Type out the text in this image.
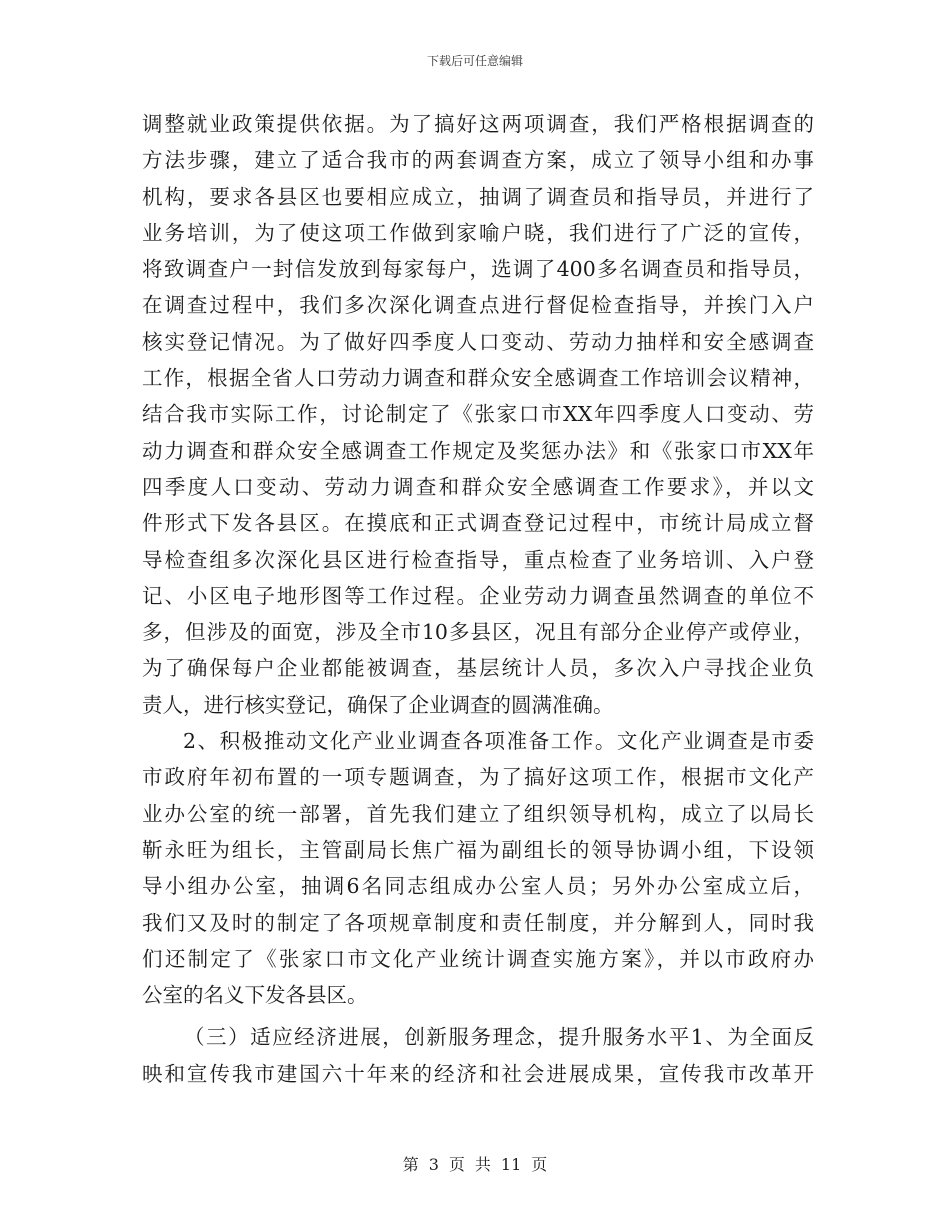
下载后可任意编辑
调整就业政策提供依据。为了搞好这两项调查，我们严格根据调查的
方法步骤，建立了适合我市的两套调查方案，成立了领导小组和办事
机构，要求各县区也要相应成立，抽调了调查员和指导员，并进行了
业务培训，为了使这项工作做到家喻户晓，我们进行了广泛的宣传，
将致调查户一封信发放到每家每户，选调了400多名调查员和指导员，
在调查过程中，我们多次深化调查点进行督促检查指导，并挨门入户
核实登记情况。为了做好四季度人口变动、劳动力抽样和安全感调查
工作，根据全省人口劳动力调查和群众安全感调查工作培训会议精神，
结合我市实际工作，讨论制定了《张家口市XX年四季度人口变动、劳
动力调查和群众安全感调查工作规定及奖惩办法》和《张家口市XX年
四季度人口变动、劳动力调查和群众安全感调查工作要求》，并以文
件形式下发各县区。在摸底和正式调查登记过程中，市统计局成立督
导检查组多次深化县区进行检查指导，重点检查了业务培训、入户登
记、小区电子地形图等工作过程。企业劳动力调查虽然调查的单位不
多，但涉及的面宽，涉及全市10多县区，况且有部分企业停产或停业，
为了确保每户企业都能被调查，基层统计人员，多次入户寻找企业负
责人，进行核实登记，确保了企业调查的圆满准确。
2、积极推动文化产业业调查各项准备工作。文化产业调查是市委
市政府年初布置的一项专题调查，为了搞好这项工作，根据市文化产
业办公室的统一部署，首先我们建立了组织领导机构，成立了以局长
靳永旺为组长，主管副局长焦广福为副组长的领导协调小组，下设领
导小组办公室，抽调6名同志组成办公室人员；另外办公室成立后，
我们又及时的制定了各项规章制度和责任制度，并分解到人，同时我
们还制定了《张家口市文化产业统计调查实施方案》，并以市政府办
公室的名义下发各县区。
（三）适应经济进展，创新服务理念，提升服务水平1、为全面反
映和宣传我市建国六十年来的经济和社会进展成果，宣传我市改革开
第 3 页 共 11 页
